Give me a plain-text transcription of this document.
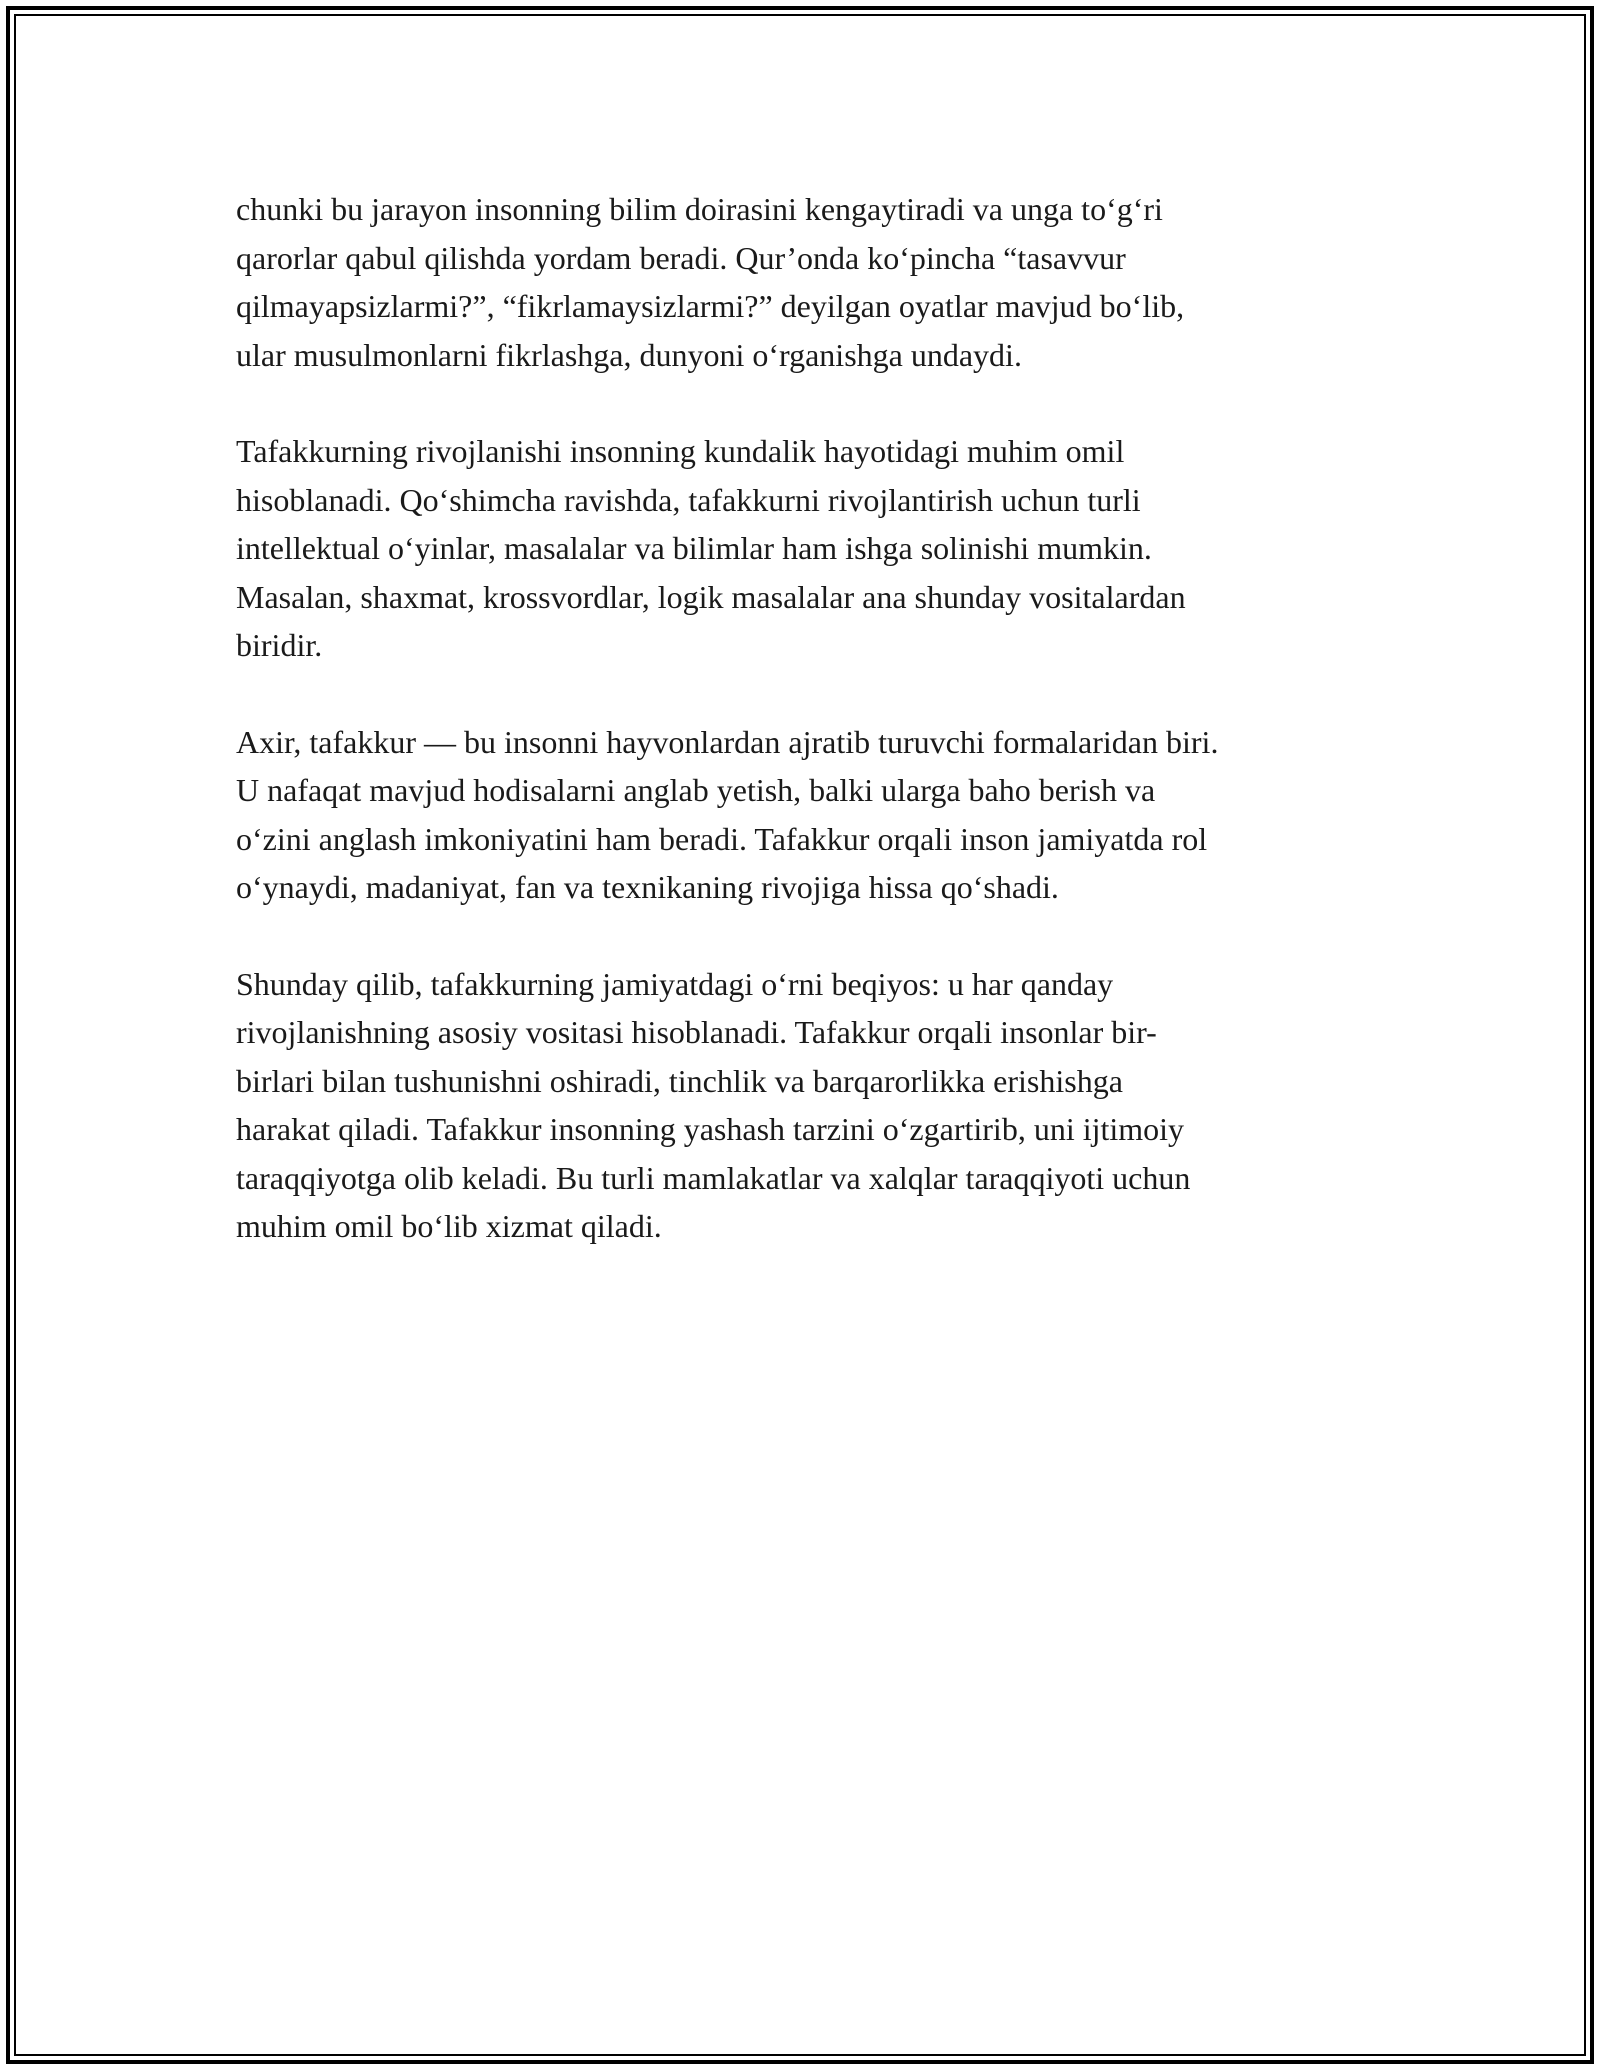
chunki bu jarayon insonning bilim doirasini kengaytiradi va unga to‘g‘ri
qarorlar qabul qilishda yordam beradi. Qur’onda ko‘pincha “tasavvur
qilmayapsizlarmi?”, “fikrlamaysizlarmi?” deyilgan oyatlar mavjud bo‘lib,
ular musulmonlarni fikrlashga, dunyoni o‘rganishga undaydi.

Tafakkurning rivojlanishi insonning kundalik hayotidagi muhim omil
hisoblanadi. Qo‘shimcha ravishda, tafakkurni rivojlantirish uchun turli
intellektual o‘yinlar, masalalar va bilimlar ham ishga solinishi mumkin.
Masalan, shaxmat, krossvordlar, logik masalalar ana shunday vositalardan
biridir.

Axir, tafakkur — bu insonni hayvonlardan ajratib turuvchi formalaridan biri.
U nafaqat mavjud hodisalarni anglab yetish, balki ularga baho berish va
o‘zini anglash imkoniyatini ham beradi. Tafakkur orqali inson jamiyatda rol
o‘ynaydi, madaniyat, fan va texnikaning rivojiga hissa qo‘shadi.

Shunday qilib, tafakkurning jamiyatdagi o‘rni beqiyos: u har qanday
rivojlanishning asosiy vositasi hisoblanadi. Tafakkur orqali insonlar bir-
birlari bilan tushunishni oshiradi, tinchlik va barqarorlikka erishishga
harakat qiladi. Tafakkur insonning yashash tarzini o‘zgartirib, uni ijtimoiy
taraqqiyotga olib keladi. Bu turli mamlakatlar va xalqlar taraqqiyoti uchun
muhim omil bo‘lib xizmat qiladi.
